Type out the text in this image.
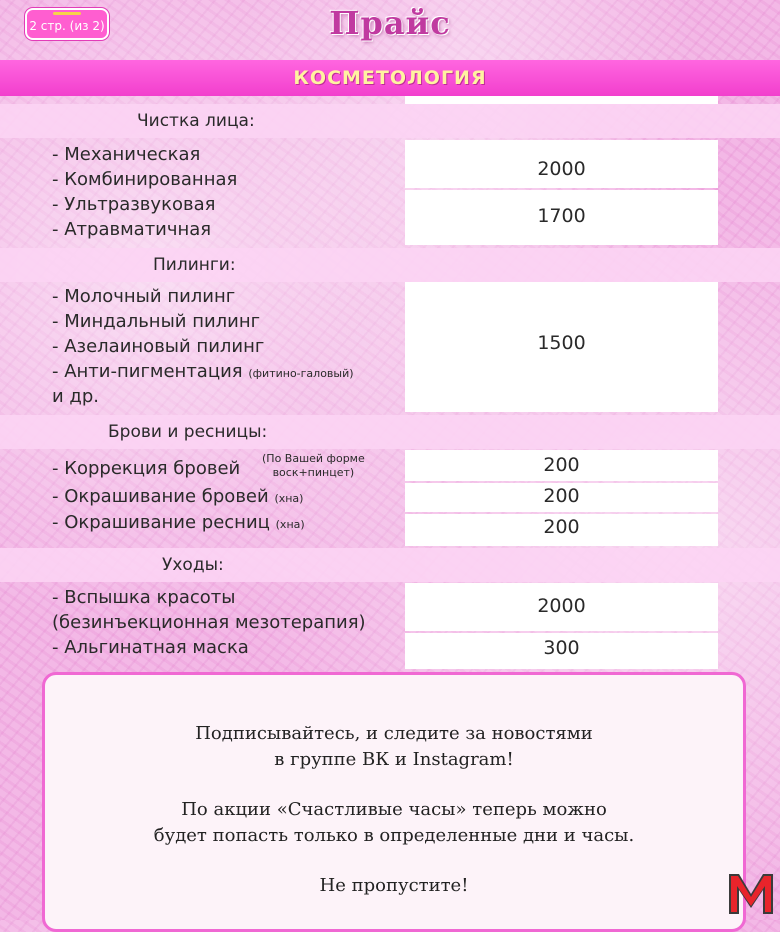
2 стр. (из 2)	Прайс
КОСМЕТОЛОГИЯ
Чистка лица:
- Механическая
- Комбинированная
- Ультразвуковая
- Атравматичная
2000
1700
Пилинги:
- Молочный пилинг
- Миндальный пилинг
- Азелаиновый пилинг
- Анти-пигментация (фитино-галовый)
и др.
1500
Брови и ресницы:
- Коррекция бровей (По Вашей форме
воск+пинцет)
- Окрашивание бровей (хна)
- Окрашивание ресниц (хна)
200
200
200
Уходы:
- Вспышка красоты
(безинъекционная мезотерапия)
- Альгинатная маска
2000
300
Подписывайтесь, и следите за новостями
в группе ВК и Instagram!
По акции «Счастливые часы» теперь можно
будет попасть только в определенные дни и часы.
Не пропустите!
